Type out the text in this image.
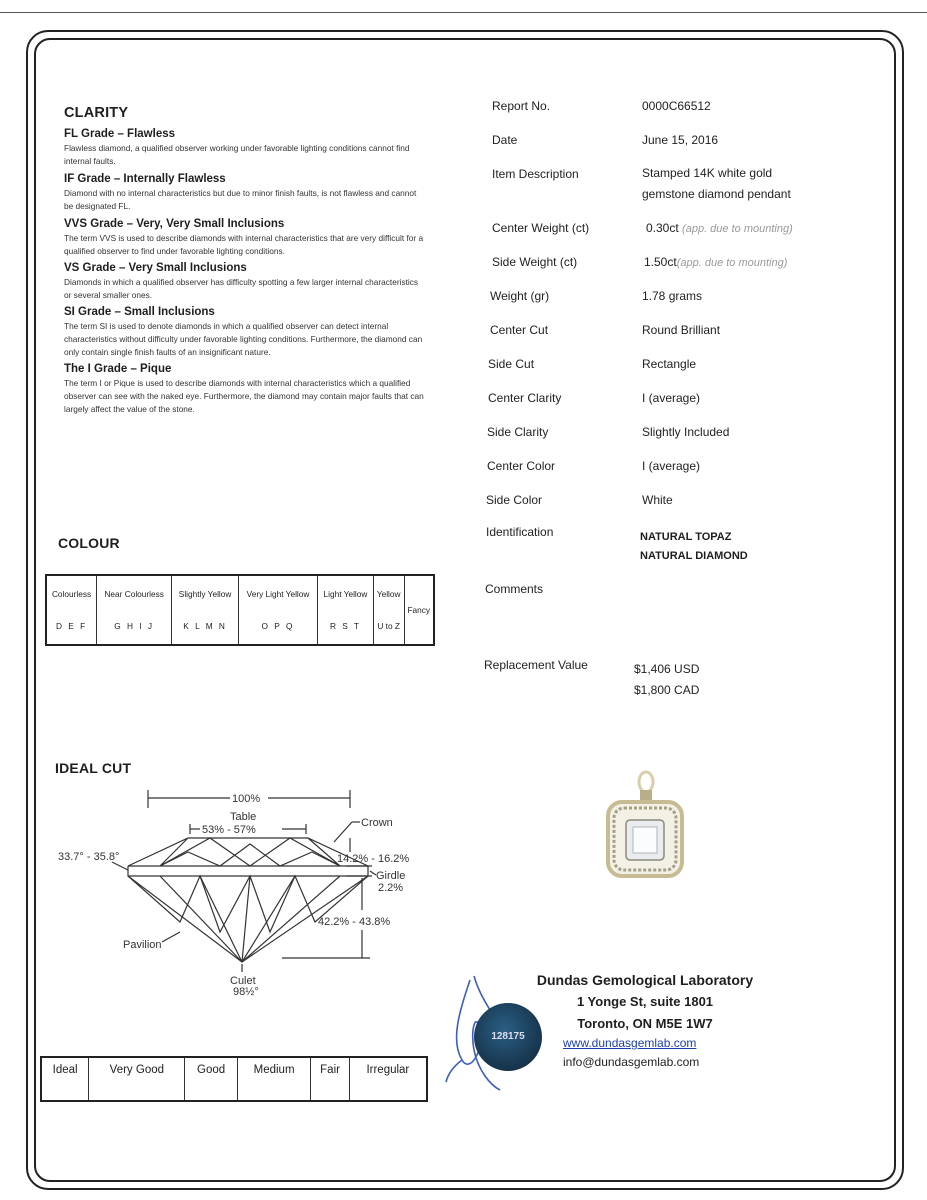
CLARITY
FL Grade – Flawless
Flawless diamond, a qualified observer working under favorable lighting conditions cannot find internal faults.
IF Grade – Internally Flawless
Diamond with no internal characteristics but due to minor finish faults, is not flawless and cannot be designated FL.
VVS Grade – Very, Very Small Inclusions
The term VVS is used to describe diamonds with internal characteristics that are very difficult for a qualified observer to find under favorable lighting conditions.
VS Grade – Very Small Inclusions
Diamonds in which a qualified observer has difficulty spotting a few larger internal characteristics or several smaller ones.
SI Grade – Small Inclusions
The term SI is used to denote diamonds in which a qualified observer can detect internal characteristics without difficulty under favorable lighting conditions. Furthermore, the diamond can only contain single finish faults of an insignificant nature.
The I Grade – Pique
The term I or Pique is used to describe diamonds with internal characteristics which a qualified observer can see with the naked eye. Furthermore, the diamond may contain major faults that can largely affect the value of the stone.
COLOUR
Colourless
D E F

Near Colourless
G H I J

Slightly Yellow
K L M N

Very Light Yellow
O P Q

Light Yellow
R S T

Yellow
U to Z

Fancy
IDEAL CUT
100%
Table
53% - 57%
Crown
33.7° - 35.8°	14.2% - 16.2%
Girdle
2.2%
42.2% - 43.8%
Pavilion
Culet
98½°
Ideal	Very Good	Good	Medium	Fair	Irregular
Report No.	0000C66512
Date	June 15, 2016
Item Description	Stamped 14K white gold gemstone diamond pendant
Center Weight (ct)	0.30ct (app. due to mounting)
Side Weight (ct)	1.50ct(app. due to mounting)
Weight (gr)	1.78 grams
Center Cut	Round Brilliant
Side Cut	Rectangle
Center Clarity	I (average)
Side Clarity	Slightly Included
Center Color	I (average)
Side Color	White
Identification	NATURAL TOPAZ
NATURAL DIAMOND
Comments
Replacement Value	$1,406 USD
$1,800 CAD
128175
Dundas Gemological Laboratory
1 Yonge St, suite 1801
Toronto, ON M5E 1W7
www.dundasgemlab.com
info@dundasgemlab.com
